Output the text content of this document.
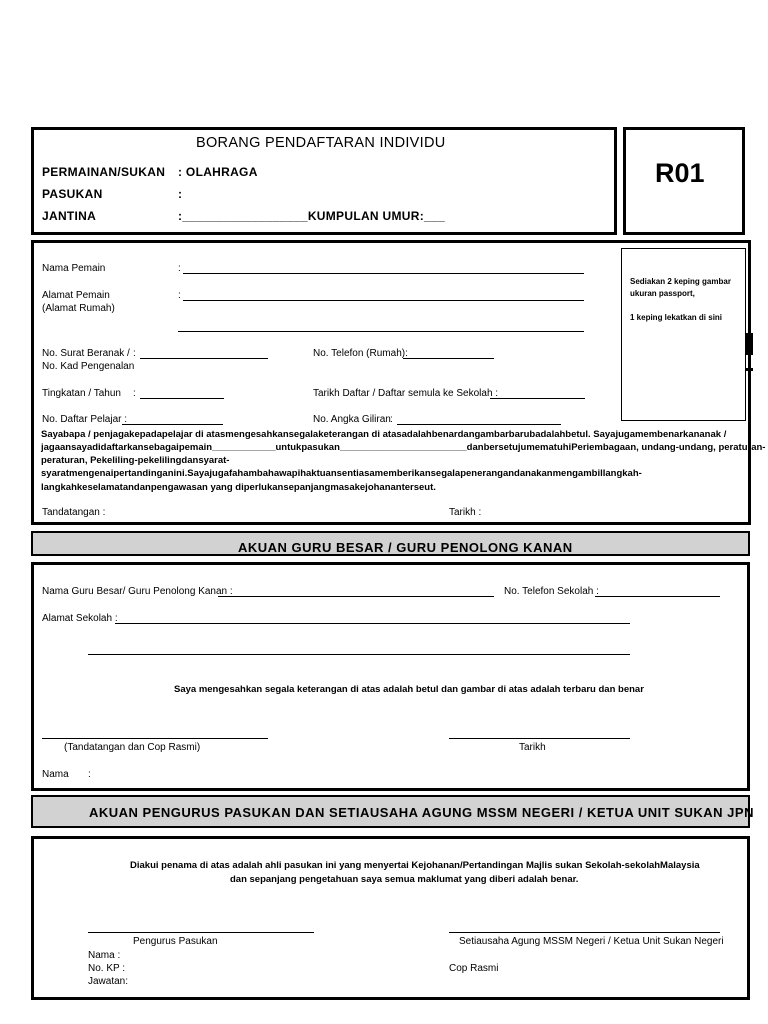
BORANG PENDAFTARAN INDIVIDU
PERMAINAN/SUKAN : OLAHRAGA
PASUKAN	:
JANTINA	:__________________KUMPULAN UMUR:___
R01
Nama Pemain	:
Alamat Pemain
(Alamat Rumah)
:
No. Surat Beranak / :
No. Kad Pengenalan
No. Telefon (Rumah):
Tingkatan / Tahun :	Tarikh Daftar / Daftar semula ke Sekolah :
No. Daftar Pelajar :	No. Angka Giliran :
Sayabapa / penjagakepadapelajar di atasmengesahkansegalaketerangan di atasadalahbenardangambarbarubadalahbetul. Sayajugamembenarkananak /
jagaansayadidaftarkansebagaipemain____________untukpasukan________________________danbersetujumematuhiPeriembagaan, undang-undang, peraturan-
peraturan, Pekeliling-pekelilingdansyarat-
syaratmengenaipertandinganini.Sayajugafahambahawapihaktuansentiasamemberikansegalapenerangandanakanmengambillangkah-
langkahkeselamatandanpengawasan yang diperlukansepanjangmasakejohananterseut.
Tandatangan :	Tarikh :
Sediakan 2 keping gambar
ukuran passport,
1 keping lekatkan di sini
AKUAN GURU BESAR / GURU PENOLONG KANAN
Nama Guru Besar/ Guru Penolong Kanan :	No. Telefon Sekolah :
Alamat Sekolah :
Saya mengesahkan segala keterangan di atas adalah betul dan gambar di atas adalah terbaru dan benar
(Tandatangan dan Cop Rasmi)	Tarikh
Nama :
AKUAN PENGURUS PASUKAN DAN SETIAUSAHA AGUNG MSSM NEGERI / KETUA UNIT SUKAN JPN
Diakui penama di atas adalah ahli pasukan ini yang menyertai Kejohanan/Pertandingan Majlis sukan Sekolah-sekolahMalaysia
dan sepanjang pengetahuan saya semua maklumat yang diberi adalah benar.
Pengurus Pasukan	Setiausaha Agung MSSM Negeri / Ketua Unit Sukan Negeri
Nama :
No. KP :
Jawatan:
Cop Rasmi
